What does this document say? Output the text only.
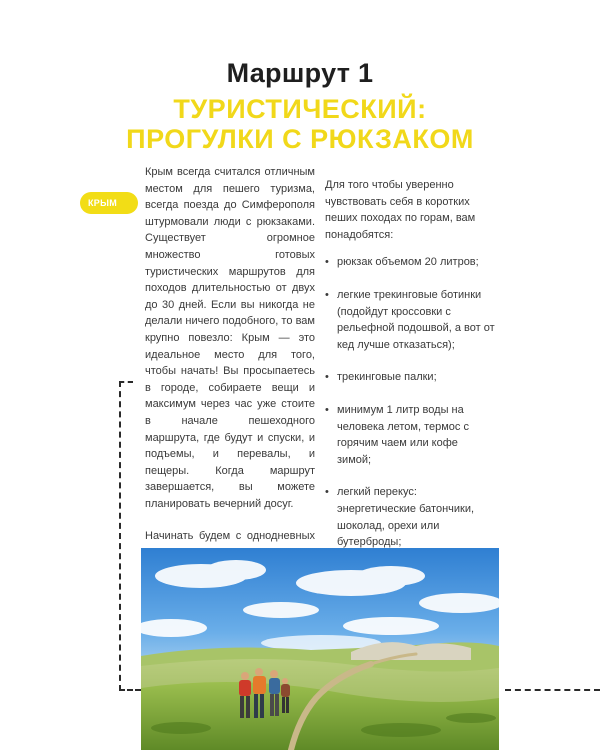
Маршрут 1
ТУРИСТИЧЕСКИЙ:
ПРОГУЛКИ С РЮКЗАКОМ
КРЫМ

Крым всегда считался отличным местом для пешего туризма, всегда поезда до Симферополя штурмовали люди с рюкзаками. Существует огромное множество готовых туристических маршрутов для походов длительностью от двух до 30 дней. Если вы никогда не делали ничего подобного, то вам крупно повезло: Крым — это идеальное место для того, чтобы начать! Вы просыпаетесь в городе, собираете вещи и максимум через час уже стоите в начале пешеходного маршрута, где будут и спуски, и подъемы, и перевалы, и пещеры. Когда маршрут завершается, вы можете планировать вечерний досуг.

Начинать будем с однодневных

Для того чтобы уверенно чувствовать себя в коротких пеших походах по горам, вам понадобятся:

• рюкзак объемом 20 литров;
• легкие трекинговые ботинки (подойдут кроссовки с рельефной подошвой, а вот от кед лучше отказаться);
• трекинговые палки;
• минимум 1 литр воды на человека летом, термос с горячим чаем или кофе зимой;
• легкий перекус: энергетические батончики, шоколад, орехи или бутерброды;
